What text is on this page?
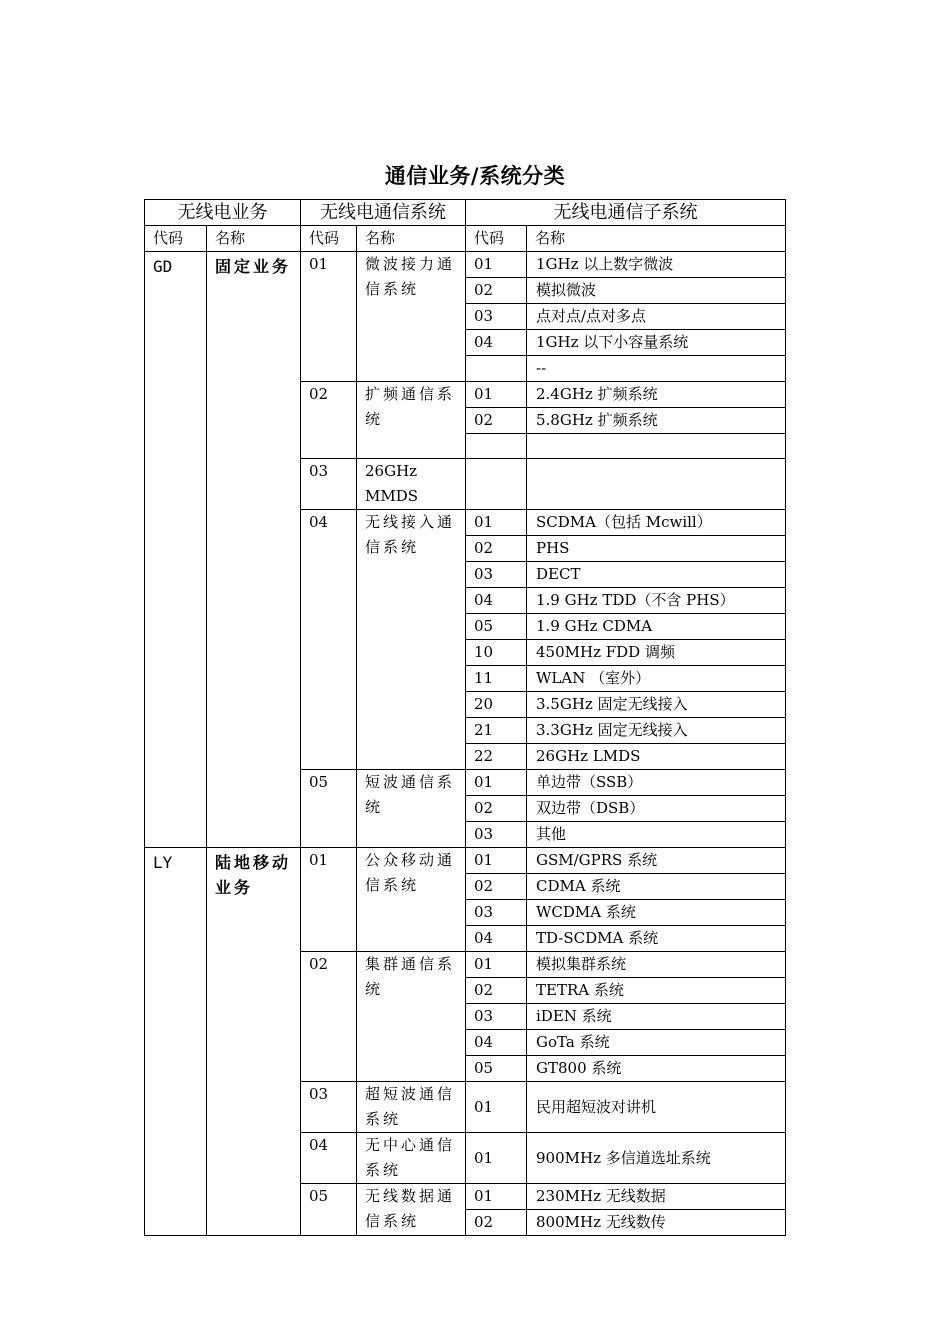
通信业务/系统分类
无线电业务		无线电通信系统		无线电通信子系统	
代码	名称	代码	名称	代码	名称
GD	固定业务	01	微波接力通信系统	01	1GHz 以上数字微波
				02	模拟微波
				03	点对点/点对多点
				04	1GHz 以下小容量系统
					--
		02	扩频通信系统	01	2.4GHz 扩频系统
				02	5.8GHz 扩频系统

		03	26GHz MMDS		
		04	无线接入通信系统	01	SCDMA（包括 Mcwill）
				02	PHS
				03	DECT
				04	1.9 GHz TDD（不含 PHS）
				05	1.9 GHz CDMA
				10	450MHz FDD 调频
				11	WLAN （室外）
				20	3.5GHz 固定无线接入
				21	3.3GHz 固定无线接入
				22	26GHz LMDS
		05	短波通信系统	01	单边带（SSB）
				02	双边带（DSB）
				03	其他
LY	陆地移动业务	01	公众移动通信系统	01	GSM/GPRS 系统
				02	CDMA 系统
				03	WCDMA 系统
				04	TD-SCDMA 系统
		02	集群通信系统	01	模拟集群系统
				02	TETRA 系统
				03	iDEN 系统
				04	GoTa 系统
				05	GT800 系统
		03	超短波通信系统	01	民用超短波对讲机
		04	无中心通信系统	01	900MHz 多信道选址系统
		05	无线数据通信系统	01	230MHz 无线数据
				02	800MHz 无线数传
